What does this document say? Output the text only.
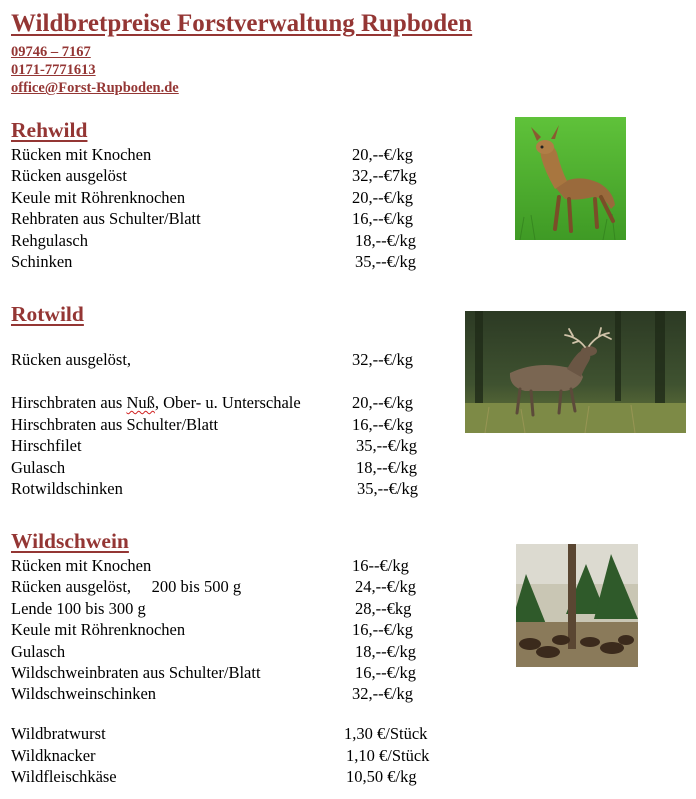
Wildbretpreise Forstverwaltung Rupboden
09746 – 7167
0171-7771613
office@Forst-Rupboden.de
Rehwild
Rücken mit Knochen	20,--€/kg
Rücken ausgelöst	32,--€7kg
Keule mit Röhrenknochen	20,--€/kg
Rehbraten aus Schulter/Blatt	16,--€/kg
Rehgulasch	18,--€/kg
Schinken	35,--€/kg
Rotwild
Rücken ausgelöst,	32,--€/kg
Hirschbraten aus Nuß, Ober- u. Unterschale	20,--€/kg
Hirschbraten aus Schulter/Blatt	16,--€/kg
Hirschfilet	35,--€/kg
Gulasch	18,--€/kg
Rotwildschinken	35,--€/kg
Wildschwein
Rücken mit Knochen	16--€/kg
Rücken ausgelöst,     200 bis 500 g	24,--€/kg
Lende 100 bis 300 g	28,--€kg
Keule mit Röhrenknochen	16,--€/kg
Gulasch	18,--€/kg
Wildschweinbraten aus Schulter/Blatt	16,--€/kg
Wildschweinschinken	32,--€/kg
Wildbratwurst	1,30 €/Stück
Wildknacker	1,10 €/Stück
Wildfleischkäse	10,50 €/kg
